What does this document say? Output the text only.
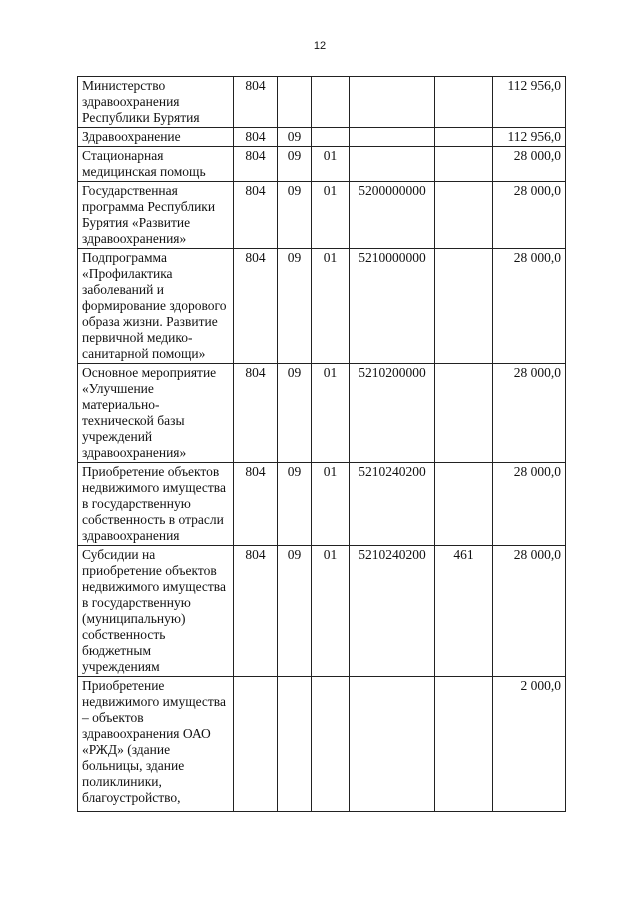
12
Министерство здравоохранения Республики Бурятия	804					112 956,0
Здравоохранение	804	09				112 956,0
Стационарная медицинская помощь	804	09	01			28 000,0
Государственная программа Республики Бурятия «Развитие здравоохранения»	804	09	01	5200000000		28 000,0
Подпрограмма «Профилактика заболеваний и формирование здорового образа жизни. Развитие первичной медико-санитарной помощи»	804	09	01	5210000000		28 000,0
Основное мероприятие «Улучшение материально-технической базы учреждений здравоохранения»	804	09	01	5210200000		28 000,0
Приобретение объектов недвижимого имущества в государственную собственность в отрасли здравоохранения	804	09	01	5210240200		28 000,0
Субсидии на приобретение объектов недвижимого имущества в государственную (муниципальную) собственность бюджетным учреждениям	804	09	01	5210240200	461	28 000,0
Приобретение недвижимого имущества – объектов здравоохранения ОАО «РЖД» (здание больницы, здание поликлиники, благоустройство,						2 000,0
